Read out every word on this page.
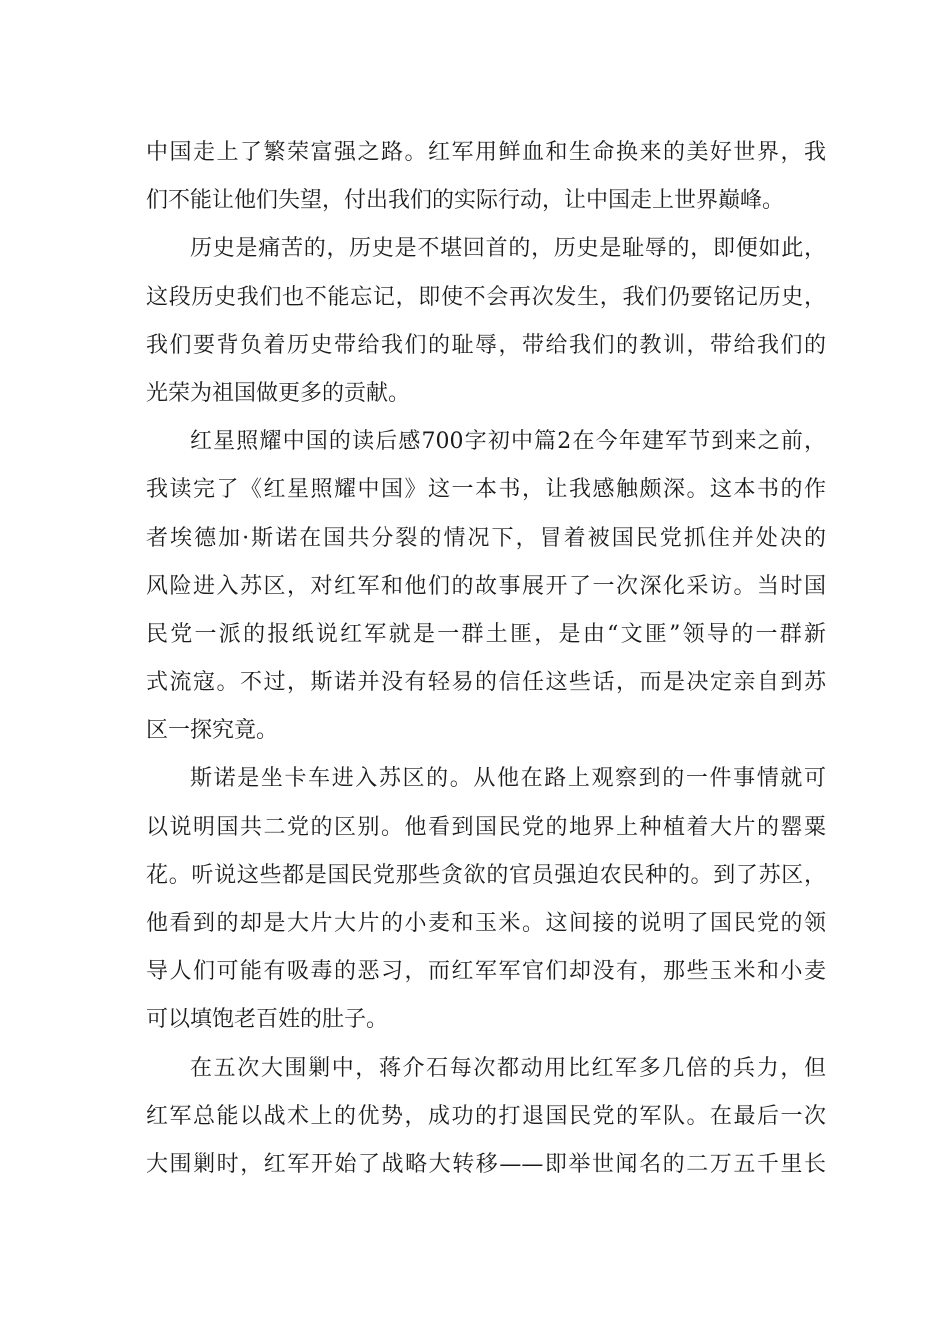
中国走上了繁荣富强之路。红军用鲜血和生命换来的美好世界，我
们不能让他们失望，付出我们的实际行动，让中国走上世界巅峰。
历史是痛苦的，历史是不堪回首的，历史是耻辱的，即便如此，
这段历史我们也不能忘记，即使不会再次发生，我们仍要铭记历史，
我们要背负着历史带给我们的耻辱，带给我们的教训，带给我们的
光荣为祖国做更多的贡献。
红星照耀中国的读后感700字初中篇2在今年建军节到来之前，
我读完了《红星照耀中国》这一本书，让我感触颇深。这本书的作
者埃德加·斯诺在国共分裂的情况下，冒着被国民党抓住并处决的
风险进入苏区，对红军和他们的故事展开了一次深化采访。当时国
民党一派的报纸说红军就是一群土匪，是由“文匪”领导的一群新
式流寇。不过，斯诺并没有轻易的信任这些话，而是决定亲自到苏
区一探究竟。
斯诺是坐卡车进入苏区的。从他在路上观察到的一件事情就可
以说明国共二党的区别。他看到国民党的地界上种植着大片的罂粟
花。听说这些都是国民党那些贪欲的官员强迫农民种的。到了苏区，
他看到的却是大片大片的小麦和玉米。这间接的说明了国民党的领
导人们可能有吸毒的恶习，而红军军官们却没有，那些玉米和小麦
可以填饱老百姓的肚子。
在五次大围剿中，蒋介石每次都动用比红军多几倍的兵力，但
红军总能以战术上的优势，成功的打退国民党的军队。在最后一次
大围剿时，红军开始了战略大转移——即举世闻名的二万五千里长
